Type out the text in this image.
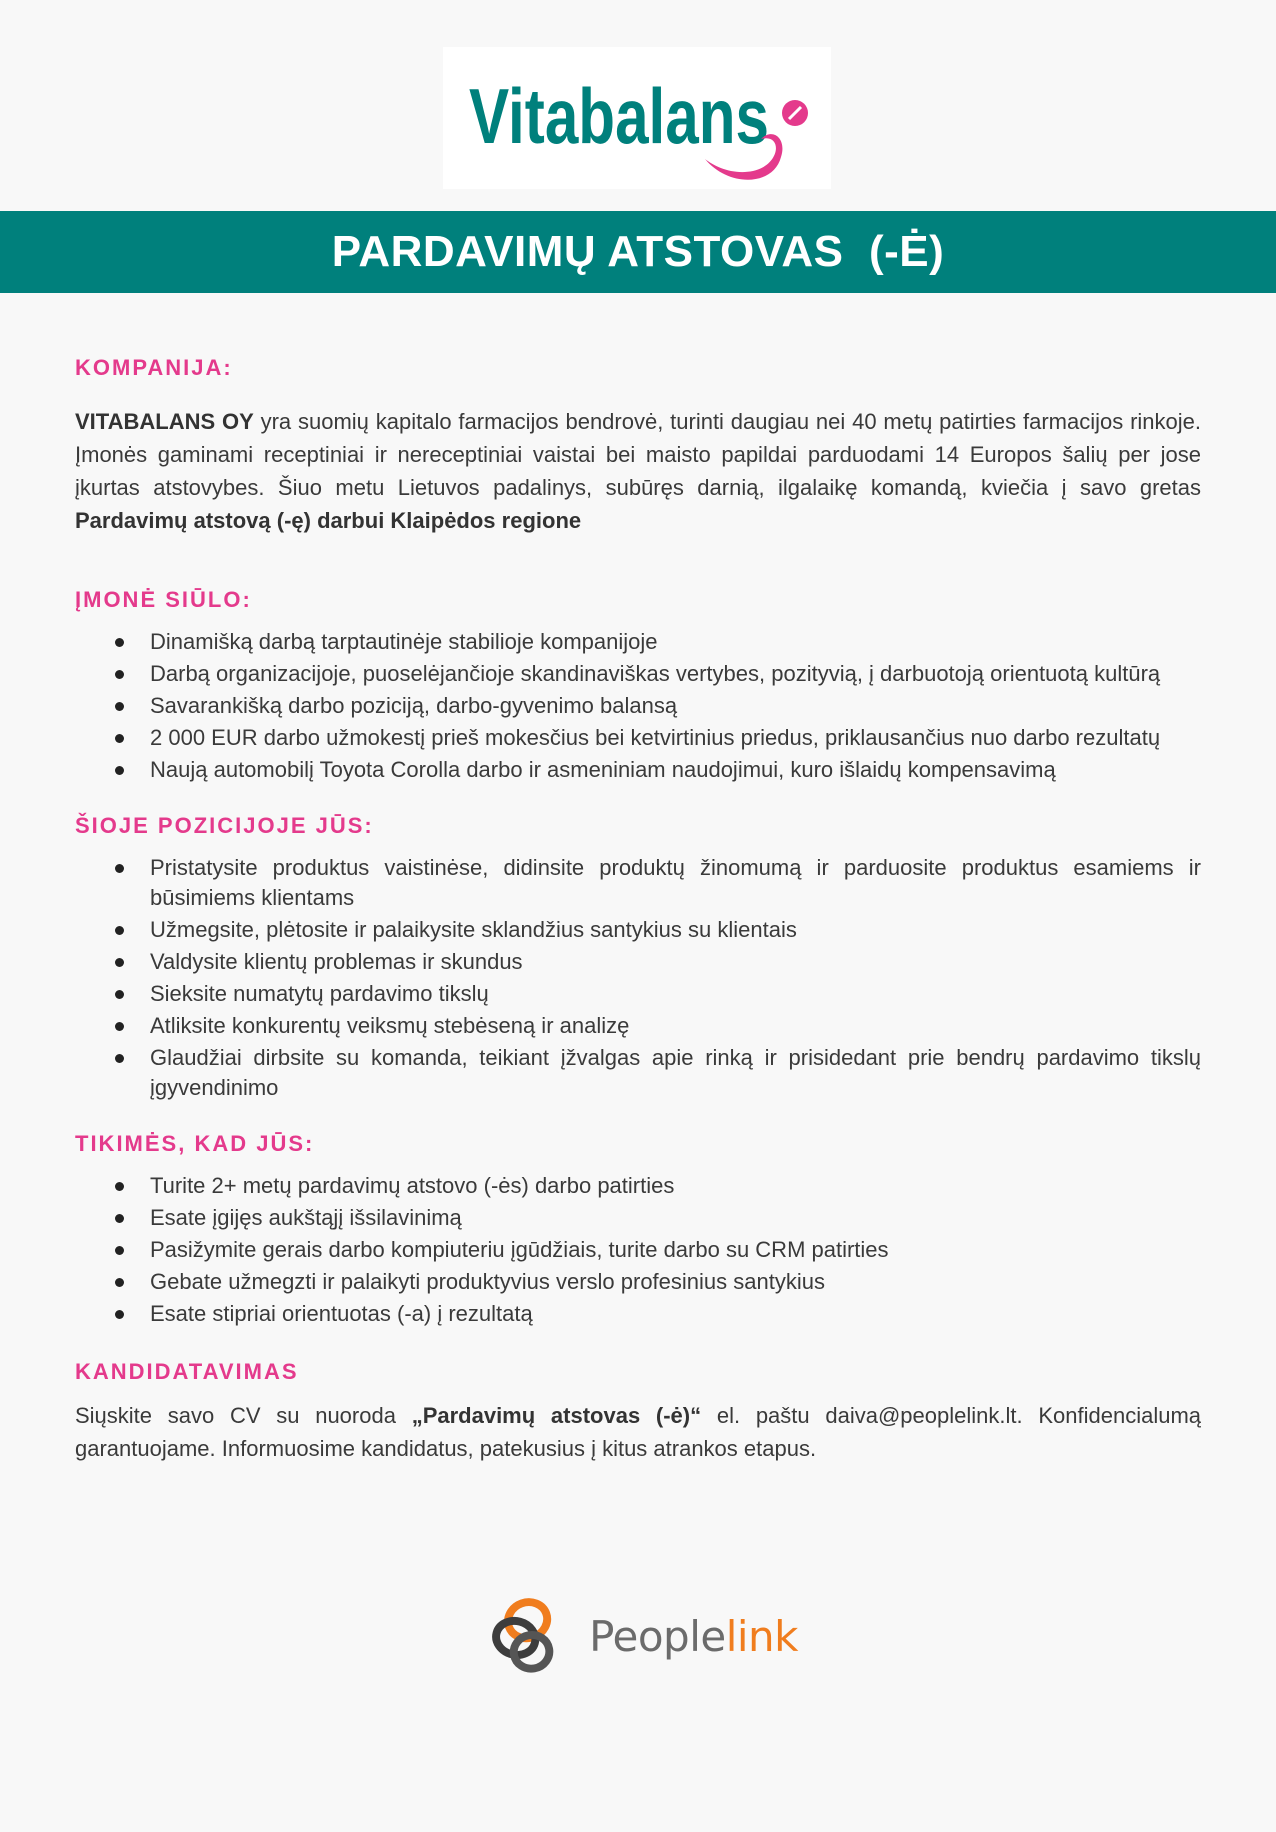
Vitabalans
PARDAVIMŲ ATSTOVAS  (-Ė)

KOMPANIJA:

VITABALANS OY yra suomių kapitalo farmacijos bendrovė, turinti daugiau nei 40 metų patirties farmacijos rinkoje. Įmonės gaminami receptiniai ir nereceptiniai vaistai bei maisto papildai parduodami 14 Europos šalių per jose įkurtas atstovybes. Šiuo metu Lietuvos padalinys, subūręs darnią, ilgalaikę komandą, kviečia į savo gretas Pardavimų atstovą (-ę) darbui Klaipėdos regione

ĮMONĖ SIŪLO:

Dinamišką darbą tarptautinėje stabilioje kompanijoje
Darbą organizacijoje, puoselėjančioje skandinaviškas vertybes, pozityvią, į darbuotoją orientuotą kultūrą
Savarankišką darbo poziciją, darbo-gyvenimo balansą
2 000 EUR darbo užmokestį prieš mokesčius bei ketvirtinius priedus, priklausančius nuo darbo rezultatų
Naują automobilį Toyota Corolla darbo ir asmeniniam naudojimui, kuro išlaidų kompensavimą

ŠIOJE POZICIJOJE JŪS:

Pristatysite produktus vaistinėse, didinsite produktų žinomumą ir parduosite produktus esamiems ir būsimiems klientams
Užmegsite, plėtosite ir palaikysite sklandžius santykius su klientais
Valdysite klientų problemas ir skundus
Sieksite numatytų pardavimo tikslų
Atliksite konkurentų veiksmų stebėseną ir analizę
Glaudžiai dirbsite su komanda, teikiant įžvalgas apie rinką ir prisidedant prie bendrų pardavimo tikslų įgyvendinimo

TIKIMĖS, KAD JŪS:

Turite 2+ metų pardavimų atstovo (-ės) darbo patirties
Esate įgijęs aukštąjį išsilavinimą
Pasižymite gerais darbo kompiuteriu įgūdžiais, turite darbo su CRM patirties
Gebate užmegzti ir palaikyti produktyvius verslo profesinius santykius
Esate stipriai orientuotas (-a) į rezultatą

KANDIDATAVIMAS

Siųskite savo CV su nuoroda „Pardavimų atstovas (-ė)“ el. paštu daiva@peoplelink.lt. Konfidencialumą garantuojame. Informuosime kandidatus, patekusius į kitus atrankos etapus.

Peoplelink
